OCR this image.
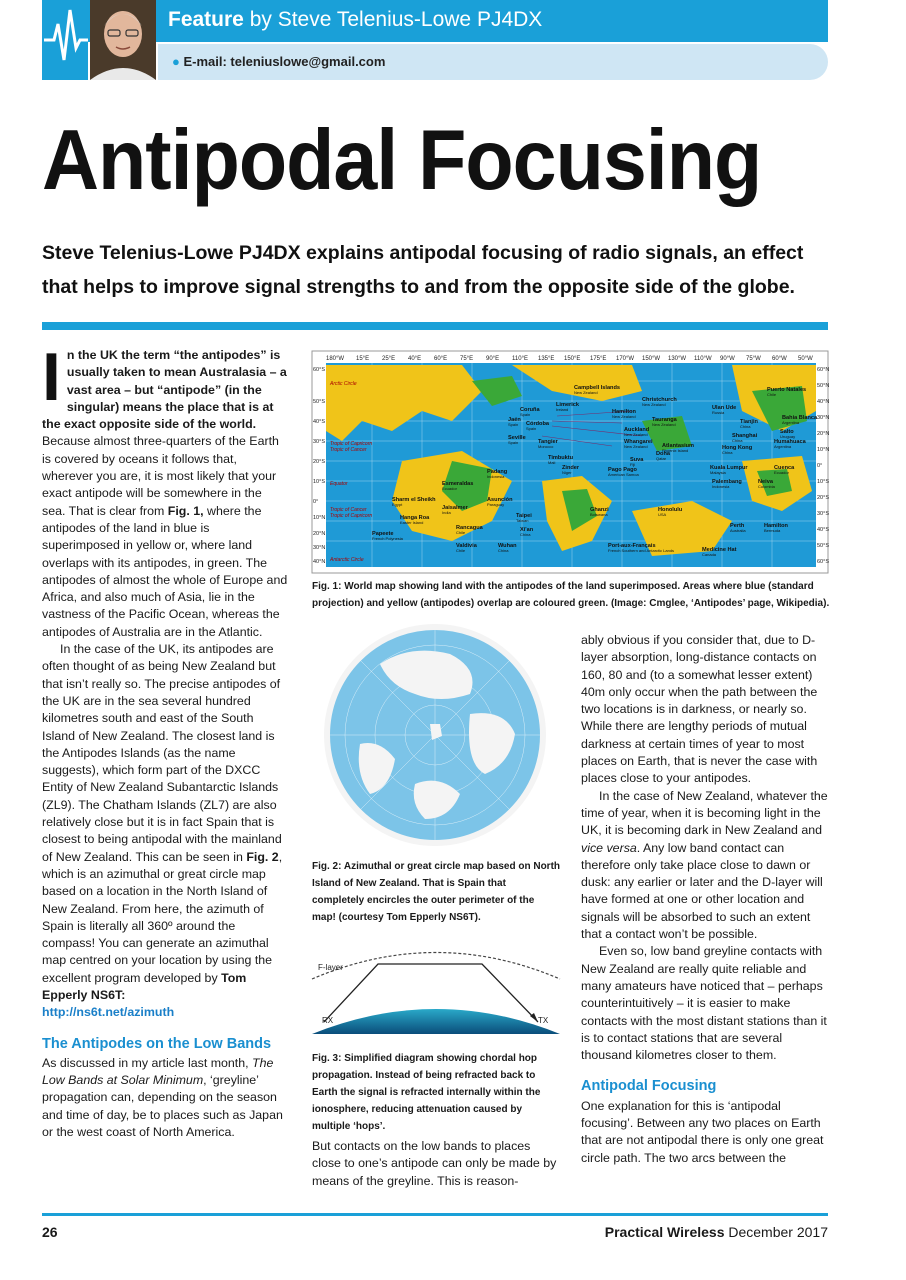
Feature by Steve Telenius-Lowe PJ4DX
● E-mail: teleniuslowe@gmail.com
Antipodal Focusing
Steve Telenius-Lowe PJ4DX explains antipodal focusing of radio signals, an effect that helps to improve signal strengths to and from the opposite side of the globe.

In the UK the term “the antipodes” is usually taken to mean Australasia – a vast area – but “antipode” (in the singular) means the place that is at the exact opposite side of the world. Because almost three-quarters of the Earth is covered by oceans it follows that, wherever you are, it is most likely that your exact antipode will be somewhere in the sea. That is clear from Fig. 1, where the antipodes of the land in blue is superimposed in yellow or, where land overlaps with its antipodes, in green. The antipodes of almost the whole of Europe and Africa, and also much of Asia, lie in the vastness of the Pacific Ocean, whereas the antipodes of Australia are in the Atlantic.

In the case of the UK, its antipodes are often thought of as being New Zealand but that isn’t really so. The precise antipodes of the UK are in the sea several hundred kilometres south and east of the South Island of New Zealand. The closest land is the Antipodes Islands (as the name suggests), which form part of the DXCC Entity of New Zealand Subantarctic Islands (ZL9). The Chatham Islands (ZL7) are also relatively close but it is in fact Spain that is closest to being antipodal with the mainland of New Zealand. This can be seen in Fig. 2, which is an azimuthal or great circle map based on a location in the North Island of New Zealand. From here, the azimuth of Spain is literally all 360º around the compass! You can generate an azimuthal map centred on your location by using the excellent program developed by Tom Epperly NS6T:
http://ns6t.net/azimuth

The Antipodes on the Low Bands

As discussed in my article last month, The Low Bands at Solar Minimum, ‘greyline’ propagation can, depending on the season and time of day, be to places such as Japan or the west coast of North America.

180°W 15°E 25°E 40°E 60°E 75°E 90°E 110°E 135°E 150°E 175°E 170°W 150°W 130°W 110°W 90°W 75°W 60°W 50°W
60°S
50°S
40°S
30°S
20°S
10°S
0°
10°N
20°N
30°N
40°N
60°N
50°N
40°N
30°N
20°N
10°N
0°
10°S
20°S
30°S
40°S
50°S
60°S
Arctic Circle
Tropic of Capricorn
Tropic of Cancer
Equator
Tropic of Cancer
Tropic of Capricorn
Antarctic Circle
Campbell Islands
New Zealand
Christchurch
New Zealand
Puerto Natales
Chile
Limerick
Ireland
Coruña
Spain	Hamilton
New Zealand
Ulan Ude
Russia
Bahia Blanca
Argentina
Jaén
Spain Córdoba
Spain
Tauranga
New Zealand
Auckland
New Zealand
Tianjin
China
Salto
Uruguay
Seville
Spain	Tangier
Morocco
Whangarei
New Zealand	Atlantasium
Phoenix Island
Shanghai
China	Humahuaca
Argentina
Timbuktu
Mali
Doha
Qatar
Hong Kong
China
Suva
Fiji
Zinder
Niger	Pago Pago
American Samoa
Kuala Lumpur
Malaysia
Cuenca
Ecuador
Padang
Indonesia
Esmeraldas
Ecuador
Asunción
Paraguay
Palembang
Indonesia
Neiva
Colombia
Sharm el Sheikh
Egypt
Ghanzi
Botswana
Honolulu
USA
Jaisalmer
India
Hanga Roa
Easter Island
Taipei
Taiwan
Perth
Australia
Hamilton
Bermuda
Rancagua
Chile	Xi'an
China
Papeete
French Polynesia
Port-aux-Français
French Southern and Antarctic Lands
Valdivia
Chile
Wuhan
China	Medicine Hat
Canada
Fig. 1: World map showing land with the antipodes of the land superimposed. Areas where blue (standard projection) and yellow (antipodes) overlap are coloured green. (Image: Cmglee, ‘Antipodes’ page, Wikipedia).
Fig. 2: Azimuthal or great circle map based on North Island of New Zealand. That is Spain that completely encircles the outer perimeter of the map! (courtesy Tom Epperly NS6T).
F-layer
RX	TX
Fig. 3: Simplified diagram showing chordal hop propagation. Instead of being refracted back to Earth the signal is refracted internally within the ionosphere, reducing attenuation caused by multiple ‘hops’.

But contacts on the low bands to places close to one’s antipode can only be made by means of the greyline. This is reason-

ably obvious if you consider that, due to D-layer absorption, long-distance contacts on 160, 80 and (to a somewhat lesser extent) 40m only occur when the path between the two locations is in darkness, or nearly so. While there are lengthy periods of mutual darkness at certain times of year to most places on Earth, that is never the case with places close to your antipodes.

In the case of New Zealand, whatever the time of year, when it is becoming light in the UK, it is becoming dark in New Zealand and vice versa. Any low band contact can therefore only take place close to dawn or dusk: any earlier or later and the D-layer will have formed at one or other location and signals will be absorbed to such an extent that a contact won’t be possible.

Even so, low band greyline contacts with New Zealand are really quite reliable and many amateurs have noticed that – perhaps counterintuitively – it is easier to make contacts with the most distant stations than it is to contact stations that are several thousand kilometres closer to them.

Antipodal Focusing

One explanation for this is ‘antipodal focusing’. Between any two places on Earth that are not antipodal there is only one great circle path. The two arcs between the

26	Practical Wireless December 2017
